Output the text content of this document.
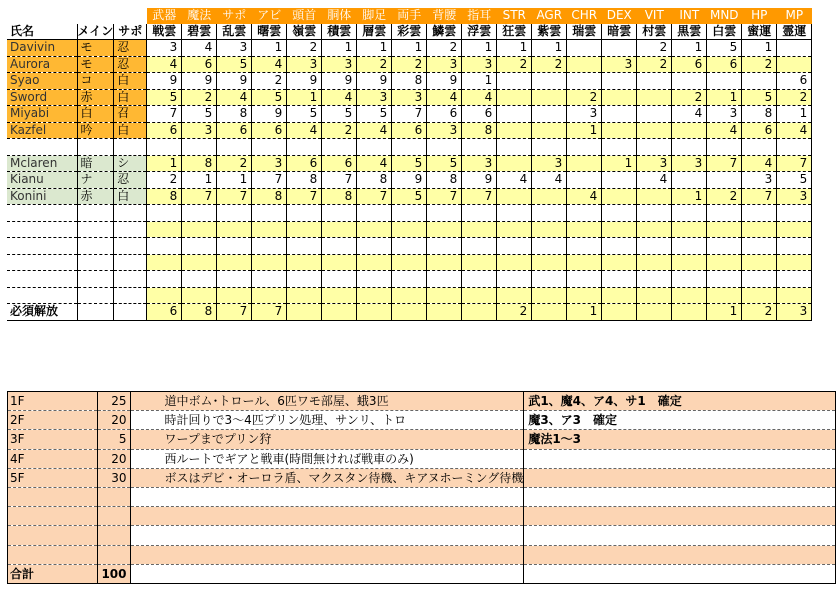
			武器	魔法	サポ	アビ	頭首	胴体	脚足	両手	背腰	指耳	STR	AGR	CHR	DEX	VIT	INT	MND	HP	MP
氏名	メイン	サポ	戦雲	碧雲	乱雲	曙雲	嶺雲	積雲	層雲	彩雲	鱗雲	浮雲	狂雲	紫雲	瑞雲	暗雲	村雲	黒雲	白雲	蜜運	霊運
Davivin	モ	忍	3	4	3	1	2	1	1	1	2	1	1	1			2	1	5	1	
Aurora	モ	忍	4	6	5	4	3	3	2	2	3	3	2	2		3	2	6	6	2	
Syao	コ	白	9	9	9	2	9	9	9	8	9	1									6
Sword	赤	白	5	2	4	5	1	4	3	3	4	4			2			2	1	5	2
Miyabi	白	召	7	5	8	9	5	5	5	7	6	6			3			4	3	8	1
Kazfel	吟	白	6	3	6	6	4	2	4	6	3	8			1				4	6	4

Mclaren	暗	シ	1	8	2	3	6	6	4	5	5	3		3		1	3	3	7	4	7
Kianu	ナ	忍	2	1	1	7	8	7	8	9	8	9	4	4			4			3	5
Konini	赤	白	8	7	7	8	7	8	7	5	7	7			4			1	2	7	3

必須解放			6	8	7	7							2		1				1	2	3
1F	25	道中ボム･トロール、6匹ワモ部屋、蛾3匹	武1、魔4、ア4、サ1　確定
2F	20	時計回りで3～4匹プリン処理、サンリ、トロ	魔3、ア3　確定
3F	5	ワープまでプリン狩	魔法1～3
4F	20	西ルートでギアと戦車(時間無ければ戦車のみ)	
5F	30	ボスはデビ・オーロラ盾、マクスタン待機、キアヌホーミング待機	

合計	100		
